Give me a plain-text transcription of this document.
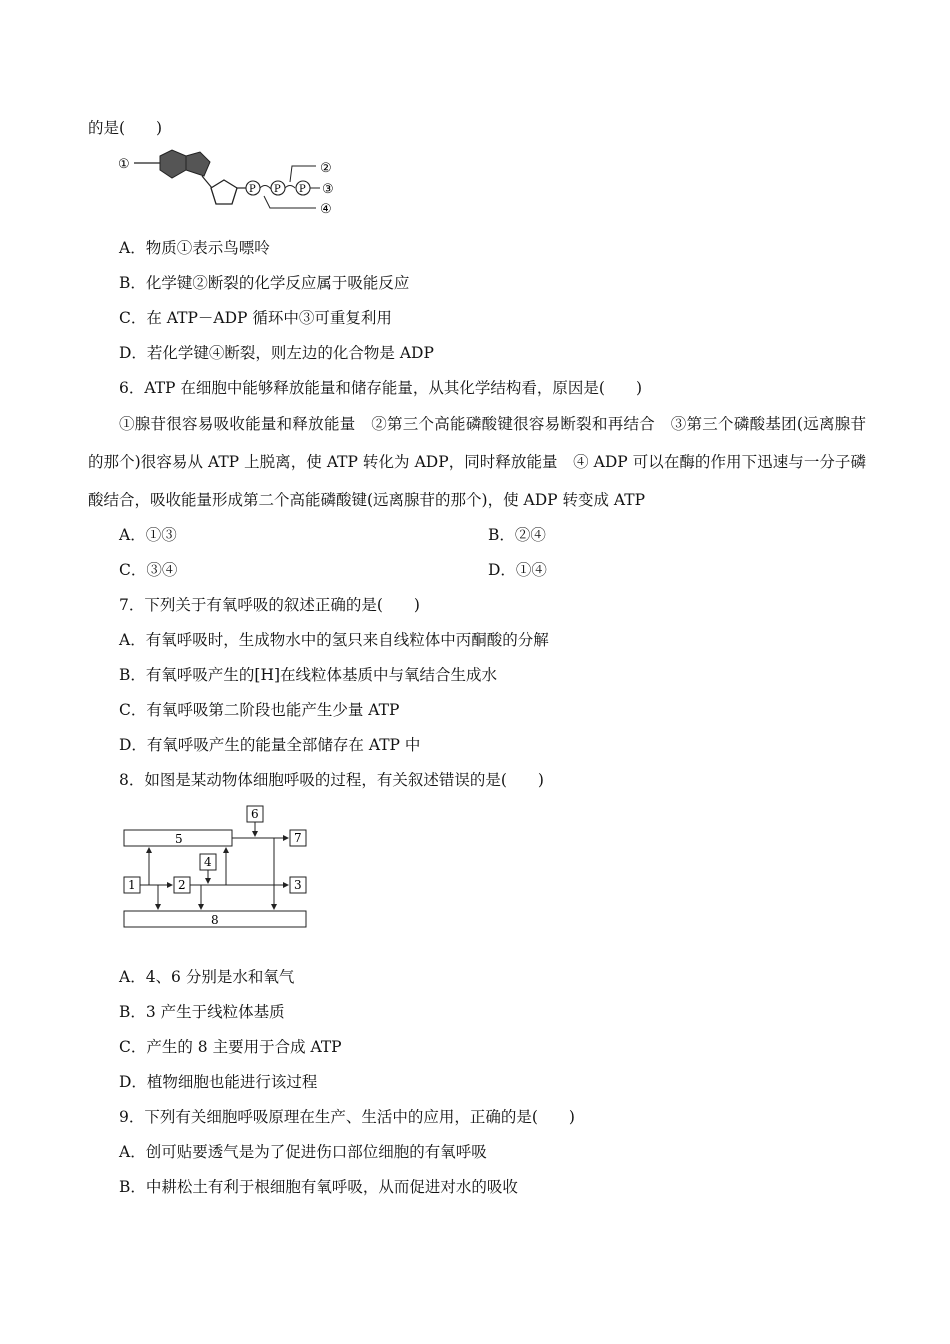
的是(　　)
①
P P P
②
③
④
A．物质①表示鸟嘌呤
B．化学键②断裂的化学反应属于吸能反应
C．在 ATP－ADP 循环中③可重复利用
D．若化学键④断裂，则左边的化合物是 ADP
6．ATP 在细胞中能够释放能量和储存能量，从其化学结构看，原因是(　　)
①腺苷很容易吸收能量和释放能量　②第三个高能磷酸键很容易断裂和再结合　③第三个磷酸基团(远离腺苷的那个)很容易从 ATP 上脱离，使 ATP 转化为 ADP，同时释放能量　④ ADP 可以在酶的作用下迅速与一分子磷酸结合，吸收能量形成第二个高能磷酸键(远离腺苷的那个)，使 ADP 转变成 ATP
A．①③	B．②④
C．③④	D．①④
7．下列关于有氧呼吸的叙述正确的是(　　)
A．有氧呼吸时，生成物水中的氢只来自线粒体中丙酮酸的分解
B．有氧呼吸产生的[H]在线粒体基质中与氧结合生成水
C．有氧呼吸第二阶段也能产生少量 ATP
D．有氧呼吸产生的能量全部储存在 ATP 中
8．如图是某动物体细胞呼吸的过程，有关叙述错误的是(　　)
5
6
7
4
1	2	3
8
A．4、6 分别是水和氧气
B．3 产生于线粒体基质
C．产生的 8 主要用于合成 ATP
D．植物细胞也能进行该过程
9．下列有关细胞呼吸原理在生产、生活中的应用，正确的是(　　)
A．创可贴要透气是为了促进伤口部位细胞的有氧呼吸
B．中耕松土有利于根细胞有氧呼吸，从而促进对水的吸收
